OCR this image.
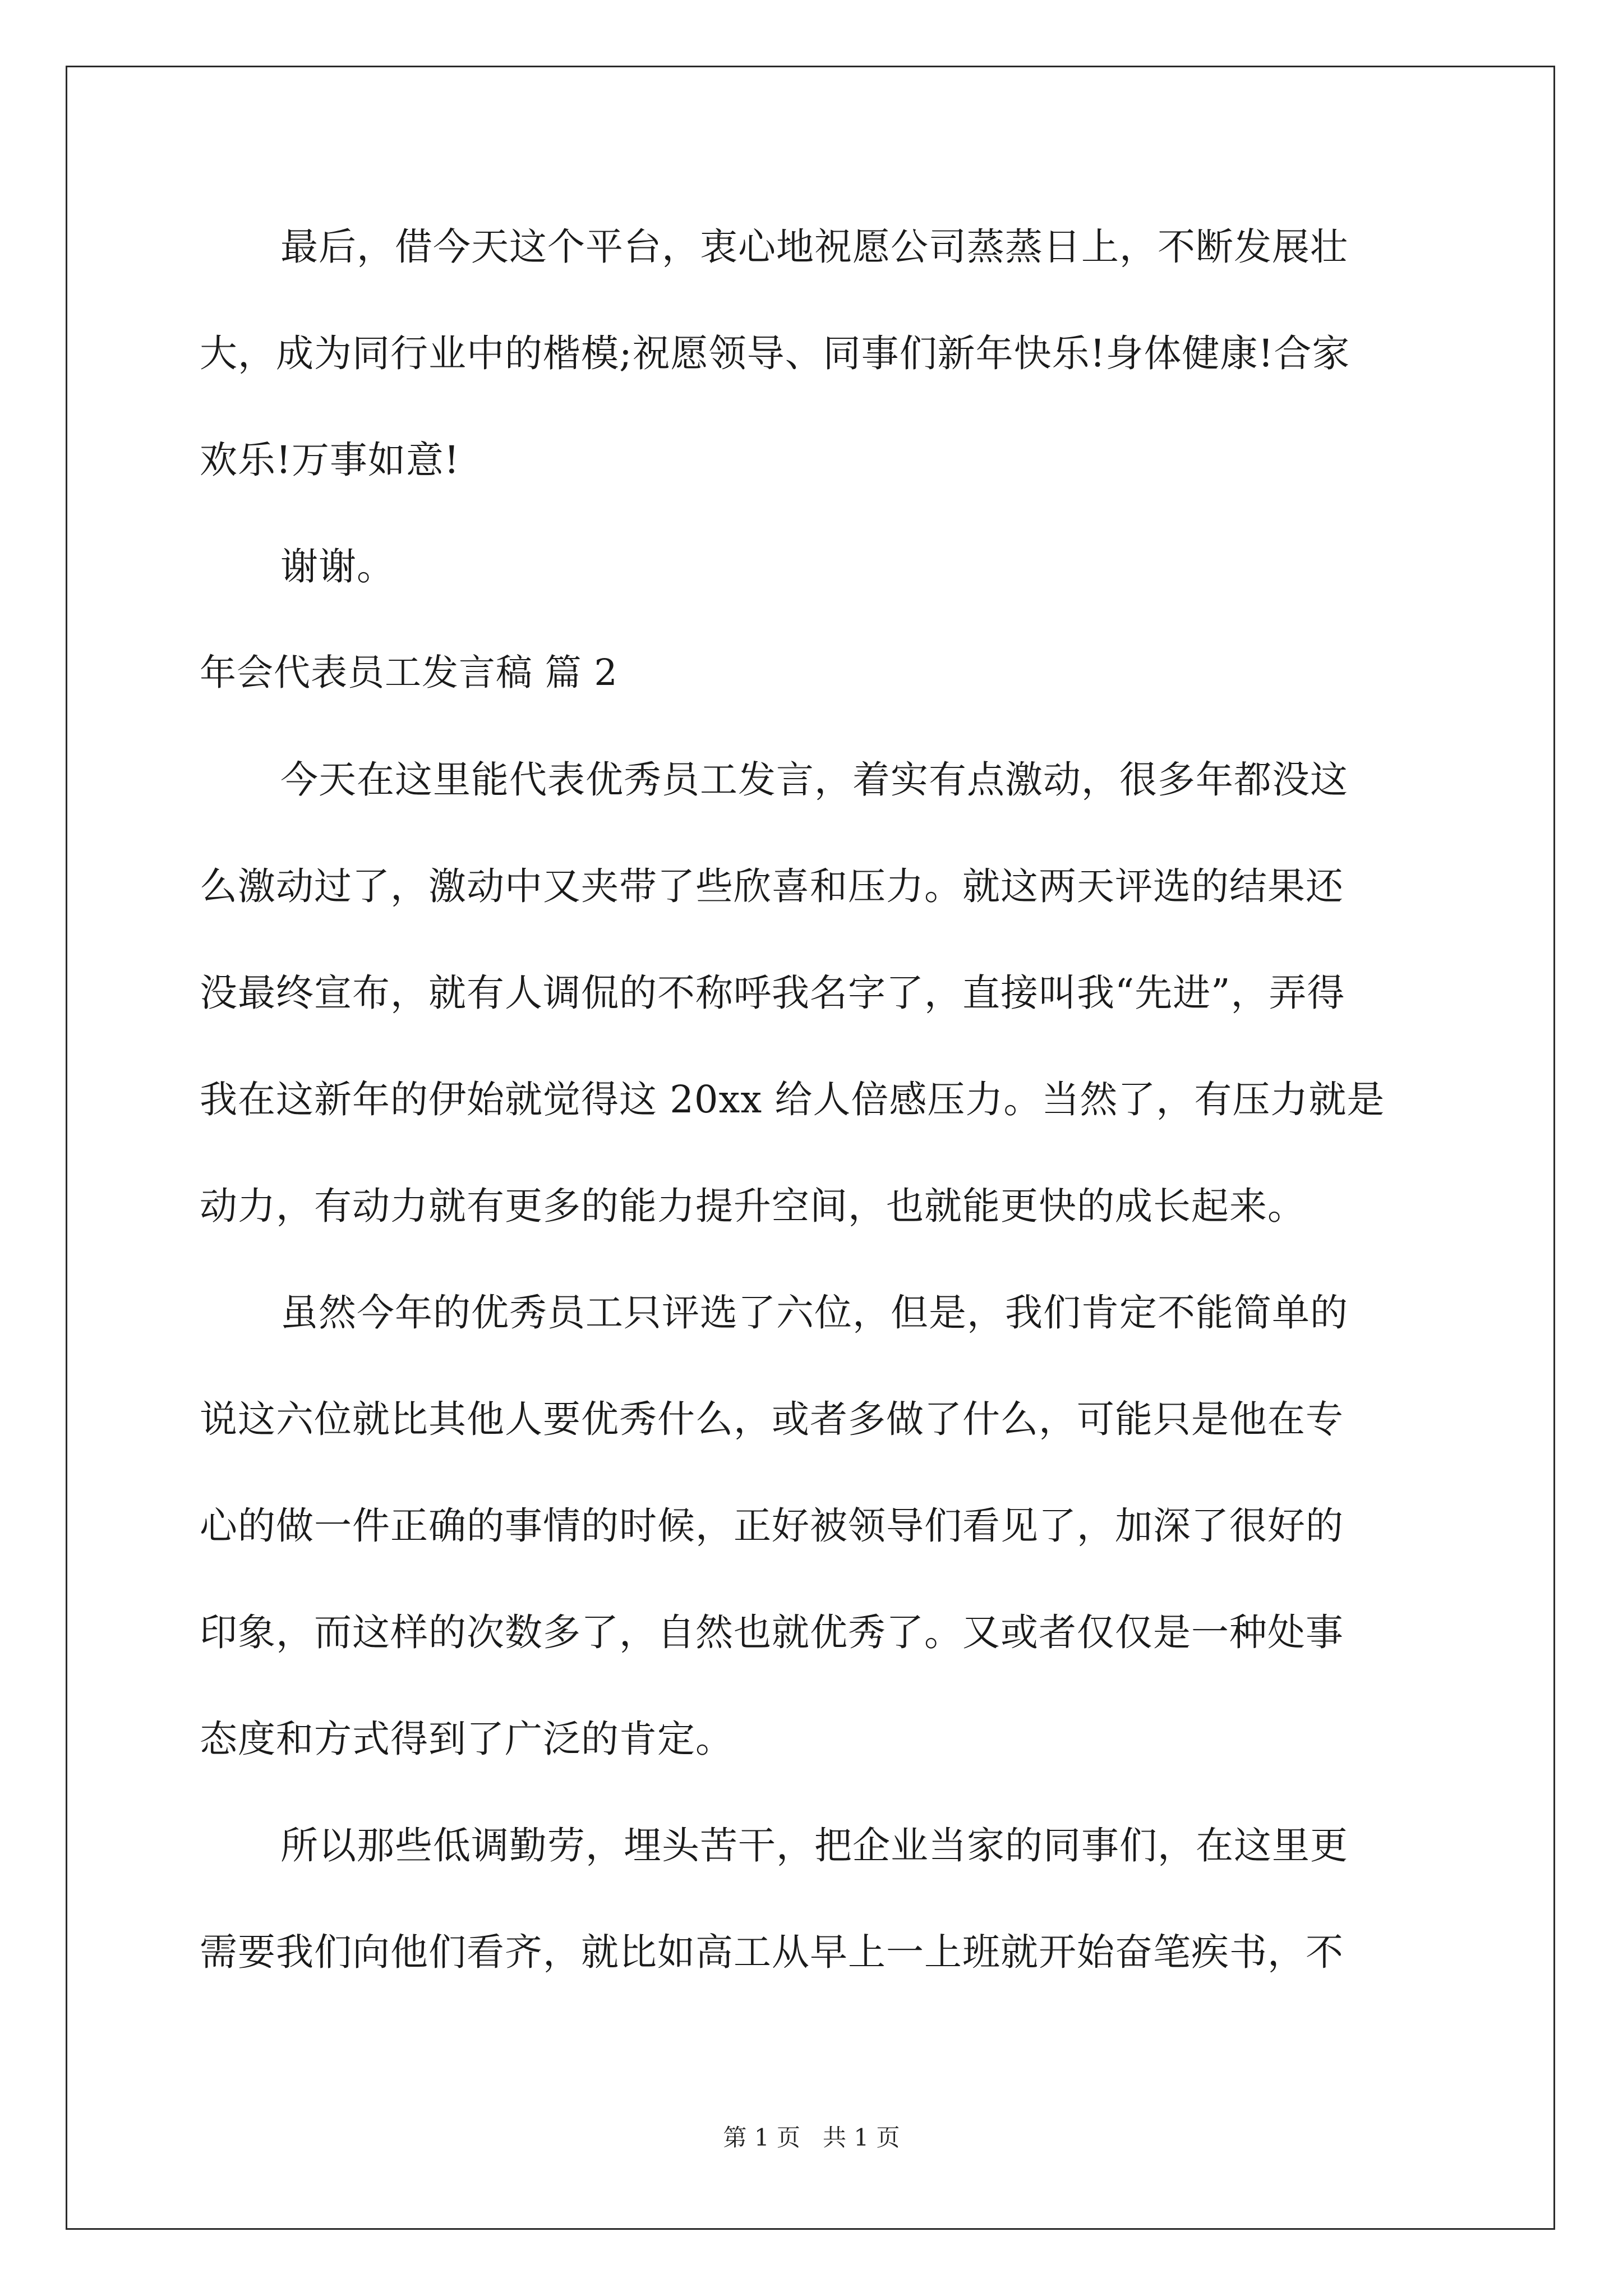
最后，借今天这个平台，衷心地祝愿公司蒸蒸日上，不断发展壮
大，成为同行业中的楷模;祝愿领导、同事们新年快乐!身体健康!合家
欢乐!万事如意!
谢谢。
年会代表员工发言稿 篇 2
今天在这里能代表优秀员工发言，着实有点激动，很多年都没这
么激动过了，激动中又夹带了些欣喜和压力。就这两天评选的结果还
没最终宣布，就有人调侃的不称呼我名字了，直接叫我“先进”，弄得
我在这新年的伊始就觉得这 20xx 给人倍感压力。当然了，有压力就是
动力，有动力就有更多的能力提升空间，也就能更快的成长起来。
虽然今年的优秀员工只评选了六位，但是，我们肯定不能简单的
说这六位就比其他人要优秀什么，或者多做了什么，可能只是他在专
心的做一件正确的事情的时候，正好被领导们看见了，加深了很好的
印象，而这样的次数多了，自然也就优秀了。又或者仅仅是一种处事
态度和方式得到了广泛的肯定。
所以那些低调勤劳，埋头苦干，把企业当家的同事们，在这里更
需要我们向他们看齐，就比如高工从早上一上班就开始奋笔疾书，不
第 1 页   共 1 页
